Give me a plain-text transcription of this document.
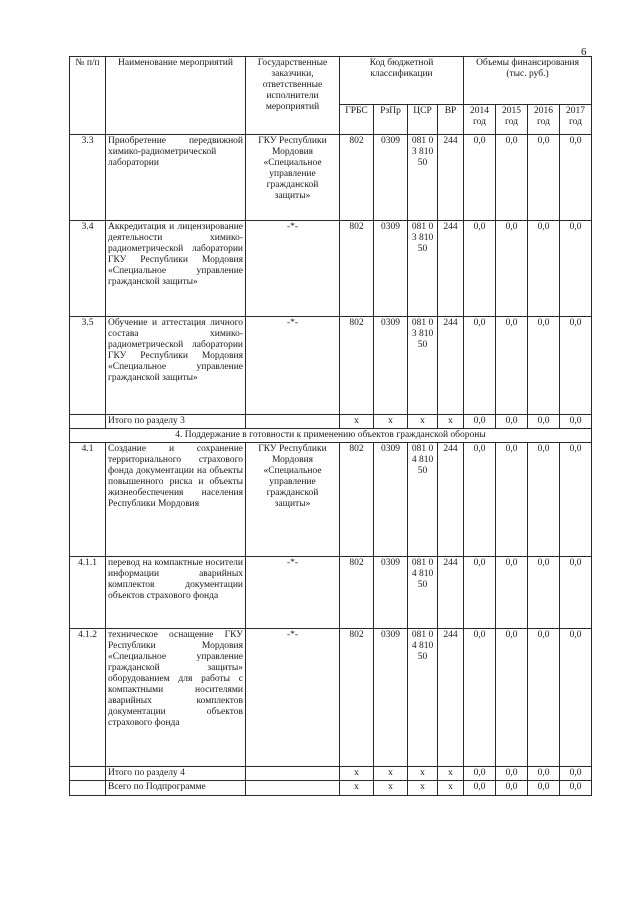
6
№ п/п	Наименование мероприятий	Государственные заказчики, ответственные исполнители мероприятий	Код бюджетной классификации				Объемы финансирования (тыс. руб.)			
			ГРБС	РзПр	ЦСР	ВР	2014 год	2015 год	2016 год	2017 год
3.3	Приобретение передвижной химико-радиометрической лаборатории	ГКУ Республики Мордовия «Специальное управление гражданской защиты»	802	0309	081 03 810 50	244	0,0	0,0	0,0	0,0
3.4	Аккредитация и лицензирование деятельности химико-радиометрической лаборатории ГКУ Республики Мордовия «Специальное управление гражданской защиты»	-*-	802	0309	081 03 810 50	244	0,0	0,0	0,0	0,0
3.5	Обучение и аттестация личного состава химико-радиометрической лаборатории ГКУ Республики Мордовия «Специальное управление гражданской защиты»	-*-	802	0309	081 03 810 50	244	0,0	0,0	0,0	0,0
	Итого по разделу 3		х	х	х	х	0,0	0,0	0,0	0,0
4. Поддержание в готовности к применению объектов гражданской обороны										
4.1	Создание и сохранение территориального страхового фонда документации на объекты повышенного риска и объекты жизнеобеспечения населения Республики Мордовия	ГКУ Республики Мордовия «Специальное управление гражданской защиты»	802	0309	081 04 810 50	244	0,0	0,0	0,0	0,0
4.1.1	перевод на компактные носители информации аварийных комплектов документации объектов страхового фонда	-*-	802	0309	081 04 810 50	244	0,0	0,0	0,0	0,0
4.1.2	техническое оснащение ГКУ Республики Мордовия «Специальное управление гражданской защиты» оборудованием для работы с компактными носителями аварийных комплектов документации объектов страхового фонда	-*-	802	0309	081 04 810 50	244	0,0	0,0	0,0	0,0
	Итого по разделу 4		х	х	х	х	0,0	0,0	0,0	0,0
	Всего по Подпрограмме		х	х	х	х	0,0	0,0	0,0	0,0
